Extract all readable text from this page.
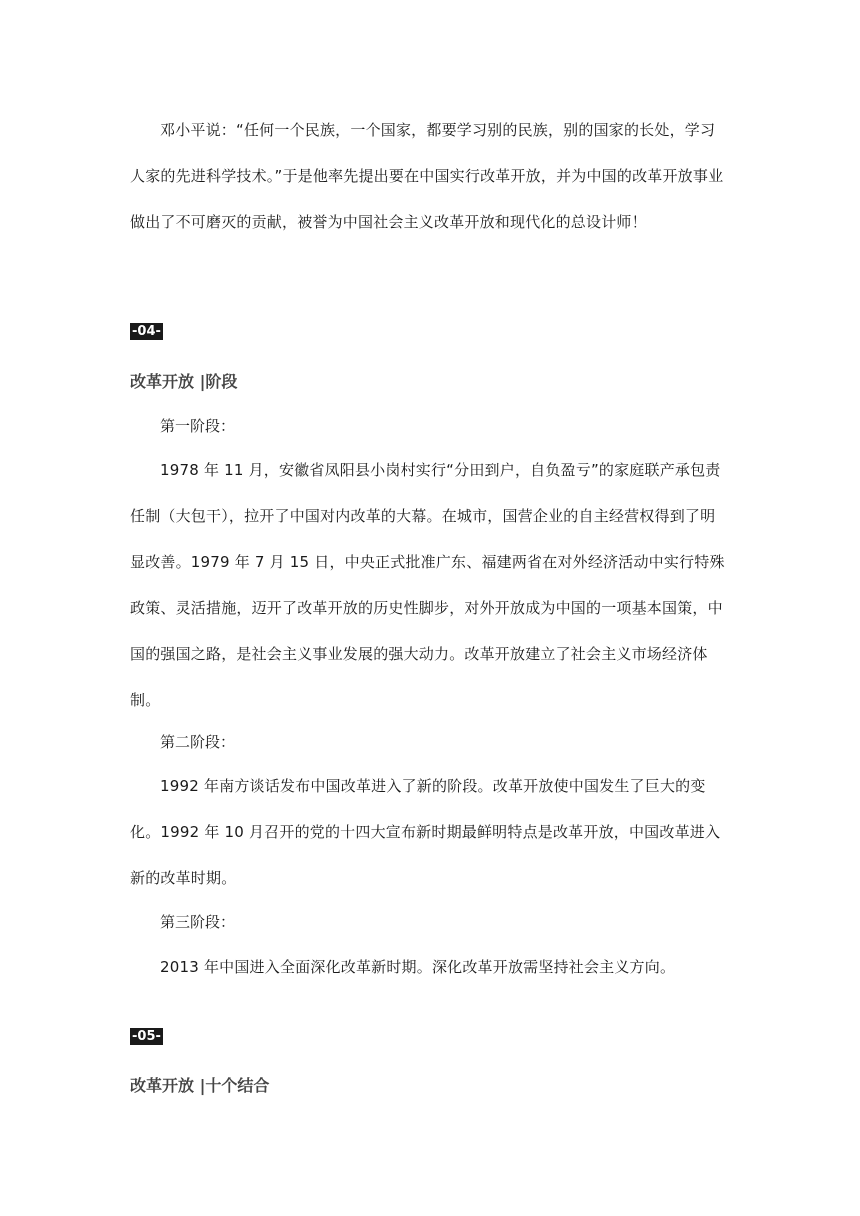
邓小平说：“任何一个民族，一个国家，都要学习别的民族，别的国家的长处，学习人家的先进科学技术。”于是他率先提出要在中国实行改革开放，并为中国的改革开放事业做出了不可磨灭的贡献，被誉为中国社会主义改革开放和现代化的总设计师！

-04-

改革开放 |阶段

第一阶段：

1978 年 11 月，安徽省凤阳县小岗村实行“分田到户，自负盈亏”的家庭联产承包责任制（大包干），拉开了中国对内改革的大幕。在城市，国营企业的自主经营权得到了明显改善。1979 年 7 月 15 日，中央正式批准广东、福建两省在对外经济活动中实行特殊政策、灵活措施，迈开了改革开放的历史性脚步，对外开放成为中国的一项基本国策，中国的强国之路，是社会主义事业发展的强大动力。改革开放建立了社会主义市场经济体制。

第二阶段：

1992 年南方谈话发布中国改革进入了新的阶段。改革开放使中国发生了巨大的变化。1992 年 10 月召开的党的十四大宣布新时期最鲜明特点是改革开放，中国改革进入新的改革时期。

第三阶段：

2013 年中国进入全面深化改革新时期。深化改革开放需坚持社会主义方向。

-05-

改革开放 |十个结合
